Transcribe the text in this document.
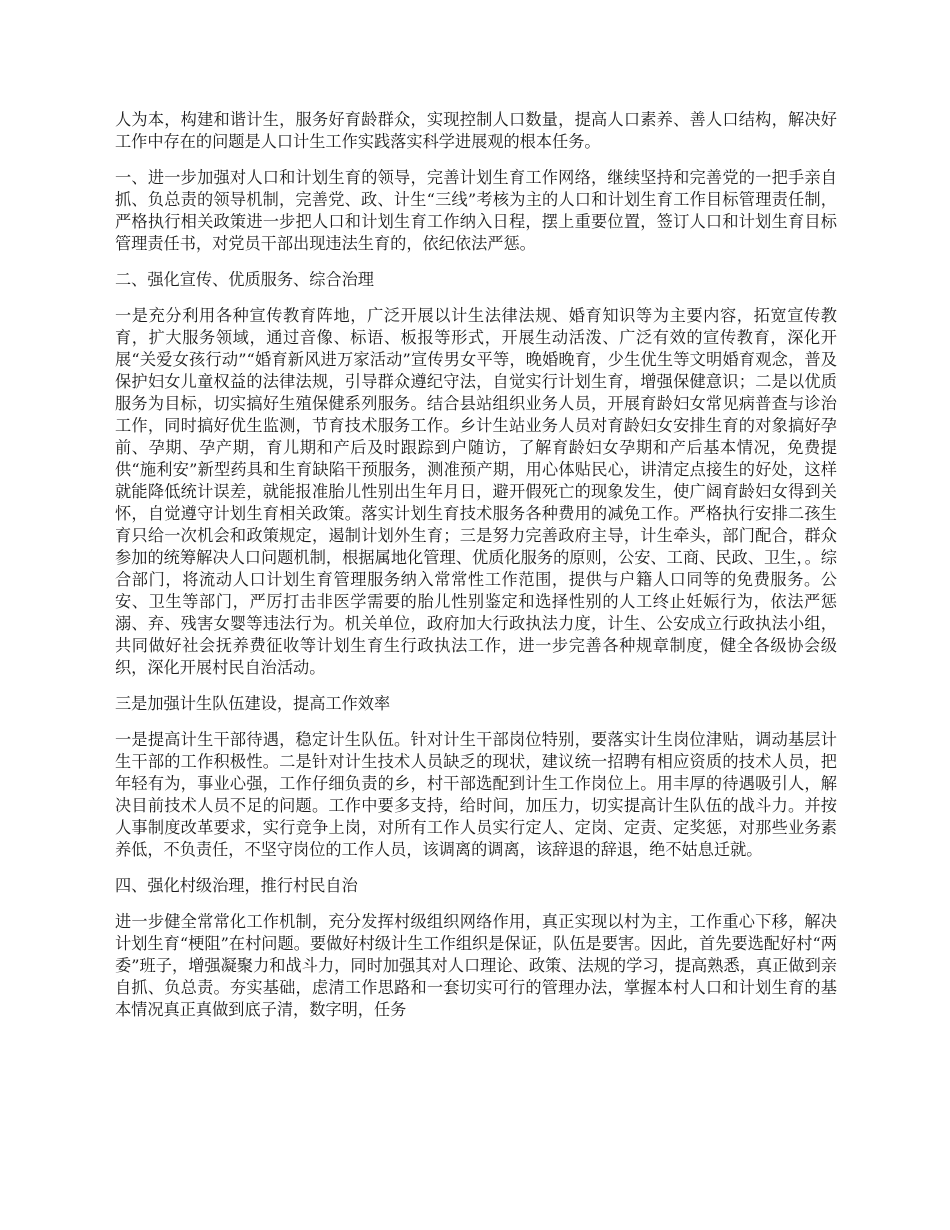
人为本，构建和谐计生，服务好育龄群众，实现控制人口数量，提高人口素养、善人口结构，解决好工作中存在的问题是人口计生工作实践落实科学进展观的根本任务。

一、进一步加强对人口和计划生育的领导，完善计划生育工作网络，继续坚持和完善党的一把手亲自抓、负总责的领导机制，完善党、政、计生“三线”考核为主的人口和计划生育工作目标管理责任制，严格执行相关政策进一步把人口和计划生育工作纳入日程，摆上重要位置，签订人口和计划生育目标管理责任书，对党员干部出现违法生育的，依纪依法严惩。

二、强化宣传、优质服务、综合治理

一是充分利用各种宣传教育阵地，广泛开展以计生法律法规、婚育知识等为主要内容，拓宽宣传教育，扩大服务领域，通过音像、标语、板报等形式，开展生动活泼、广泛有效的宣传教育，深化开展“关爱女孩行动”“婚育新风进万家活动”宣传男女平等，晚婚晚育，少生优生等文明婚育观念，普及保护妇女儿童权益的法律法规，引导群众遵纪守法，自觉实行计划生育，增强保健意识；二是以优质服务为目标，切实搞好生殖保健系列服务。结合县站组织业务人员，开展育龄妇女常见病普查与诊治工作，同时搞好优生监测，节育技术服务工作。乡计生站业务人员对育龄妇女安排生育的对象搞好孕前、孕期、孕产期，育儿期和产后及时跟踪到户随访，了解育龄妇女孕期和产后基本情况，免费提供“施利安”新型药具和生育缺陷干预服务，测准预产期，用心体贴民心，讲清定点接生的好处，这样就能降低统计误差，就能报准胎儿性别出生年月日，避开假死亡的现象发生，使广阔育龄妇女得到关怀，自觉遵守计划生育相关政策。落实计划生育技术服务各种费用的减免工作。严格执行安排二孩生育只给一次机会和政策规定，遏制计划外生育；三是努力完善政府主导，计生牵头，部门配合，群众参加的统筹解决人口问题机制，根据属地化管理、优质化服务的原则，公安、工商、民政、卫生，。综合部门，将流动人口计划生育管理服务纳入常常性工作范围，提供与户籍人口同等的免费服务。公安、卫生等部门，严厉打击非医学需要的胎儿性别鉴定和选择性别的人工终止妊娠行为，依法严惩溺、弃、残害女婴等违法行为。机关单位，政府加大行政执法力度，计生、公安成立行政执法小组，共同做好社会抚养费征收等计划生育生行政执法工作，进一步完善各种规章制度，健全各级协会级织，深化开展村民自治活动。

三是加强计生队伍建设，提高工作效率

一是提高计生干部待遇，稳定计生队伍。针对计生干部岗位特别，要落实计生岗位津贴，调动基层计生干部的工作积极性。二是针对计生技术人员缺乏的现状，建议统一招聘有相应资质的技术人员，把年轻有为，事业心强，工作仔细负责的乡，村干部选配到计生工作岗位上。用丰厚的待遇吸引人，解决目前技术人员不足的问题。工作中要多支持，给时间，加压力，切实提高计生队伍的战斗力。并按人事制度改革要求，实行竞争上岗，对所有工作人员实行定人、定岗、定责、定奖惩，对那些业务素养低，不负责任，不坚守岗位的工作人员，该调离的调离，该辞退的辞退，绝不姑息迁就。

四、强化村级治理，推行村民自治

进一步健全常常化工作机制，充分发挥村级组织网络作用，真正实现以村为主，工作重心下移，解决计划生育“梗阻”在村问题。要做好村级计生工作组织是保证，队伍是要害。因此，首先要选配好村“两委”班子，增强凝聚力和战斗力，同时加强其对人口理论、政策、法规的学习，提高熟悉，真正做到亲自抓、负总责。夯实基础，虑清工作思路和一套切实可行的管理办法，掌握本村人口和计划生育的基本情况真正真做到底子清，数字明，任务
